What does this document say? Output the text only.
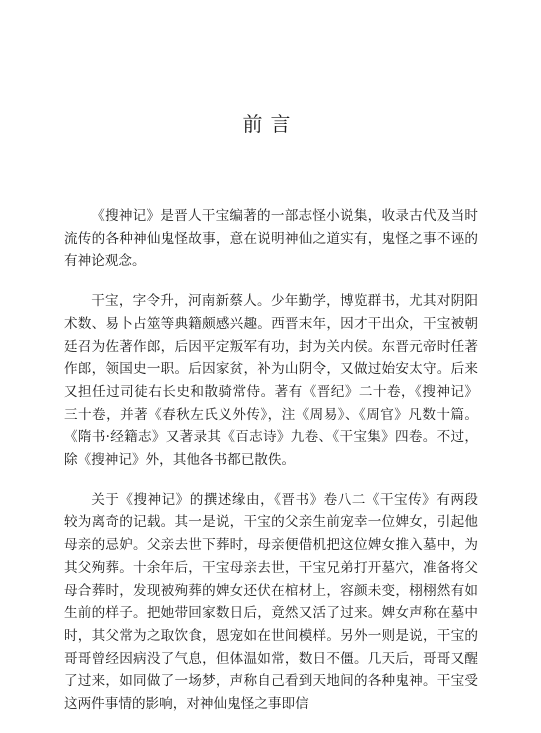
前言

《搜神记》是晋人干宝编著的一部志怪小说集，收录古代及当时流传的各种神仙鬼怪故事，意在说明神仙之道实有，鬼怪之事不诬的有神论观念。

干宝，字令升，河南新蔡人。少年勤学，博览群书，尤其对阴阳术数、易卜占筮等典籍颇感兴趣。西晋末年，因才干出众，干宝被朝廷召为佐著作郎，后因平定叛军有功，封为关内侯。东晋元帝时任著作郎，领国史一职。后因家贫，补为山阴令，又做过始安太守。后来又担任过司徒右长史和散骑常侍。著有《晋纪》二十卷，《搜神记》三十卷，并著《春秋左氏义外传》，注《周易》、《周官》凡数十篇。《隋书·经籍志》又著录其《百志诗》九卷、《干宝集》四卷。不过，除《搜神记》外，其他各书都已散佚。

关于《搜神记》的撰述缘由，《晋书》卷八二《干宝传》有两段较为离奇的记载。其一是说，干宝的父亲生前宠幸一位婢女，引起他母亲的忌妒。父亲去世下葬时，母亲便借机把这位婢女推入墓中，为其父殉葬。十余年后，干宝母亲去世，干宝兄弟打开墓穴，准备将父母合葬时，发现被殉葬的婢女还伏在棺材上，容颜未变，栩栩然有如生前的样子。把她带回家数日后，竟然又活了过来。婢女声称在墓中时，其父常为之取饮食，恩宠如在世间模样。另外一则是说，干宝的哥哥曾经因病没了气息，但体温如常，数日不僵。几天后，哥哥又醒了过来，如同做了一场梦，声称自己看到天地间的各种鬼神。干宝受这两件事情的影响，对神仙鬼怪之事即信
